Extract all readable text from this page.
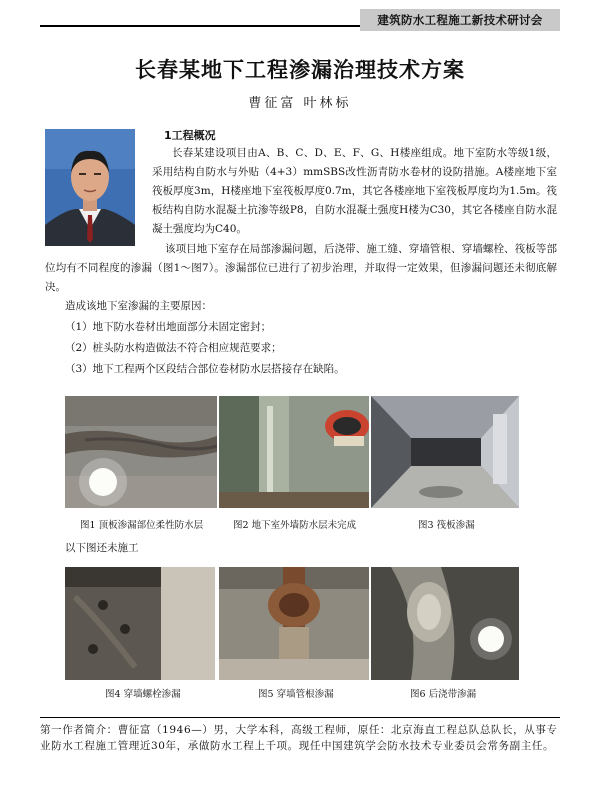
建筑防水工程施工新技术研讨会
长春某地下工程渗漏治理技术方案
曹征富 叶林标
1工程概况

长春某建设项目由A、B、C、D、E、F、G、H楼座组成。地下室防水等级1级，采用结构自防水与外贴（4+3）mmSBS改性沥青防水卷材的设防措施。A楼座地下室筏板厚度3m，H楼座地下室筏板厚度0.7m，其它各楼座地下室筏板厚度均为1.5m。筏板结构自防水混凝土抗渗等级P8，自防水混凝土强度H楼为C30，其它各楼座自防水混凝土强度均为C40。

该项目地下室存在局部渗漏问题，后浇带、施工缝、穿墙管根、穿墙螺栓、筏板等部位均有不同程度的渗漏（图1～图7）。渗漏部位已进行了初步治理，并取得一定效果，但渗漏问题还未彻底解决。

造成该地下室渗漏的主要原因：

（1）地下防水卷材出地面部分未固定密封；
（2）桩头防水构造做法不符合相应规范要求；
（3）地下工程两个区段结合部位卷材防水层搭接存在缺陷。
图1 顶板渗漏部位柔性防水层	图2 地下室外墙防水层未完成	图3 筏板渗漏
以下图还未施工
图4 穿墙螺栓渗漏	图5 穿墙管根渗漏	图6 后浇带渗漏

第一作者简介：曹征富（1946—）男，大学本科，高级工程师，原任：北京海直工程总队总队长，从事专业防水工程施工管理近30年，承做防水工程上千项。现任中国建筑学会防水技术专业委员会常务副主任。
